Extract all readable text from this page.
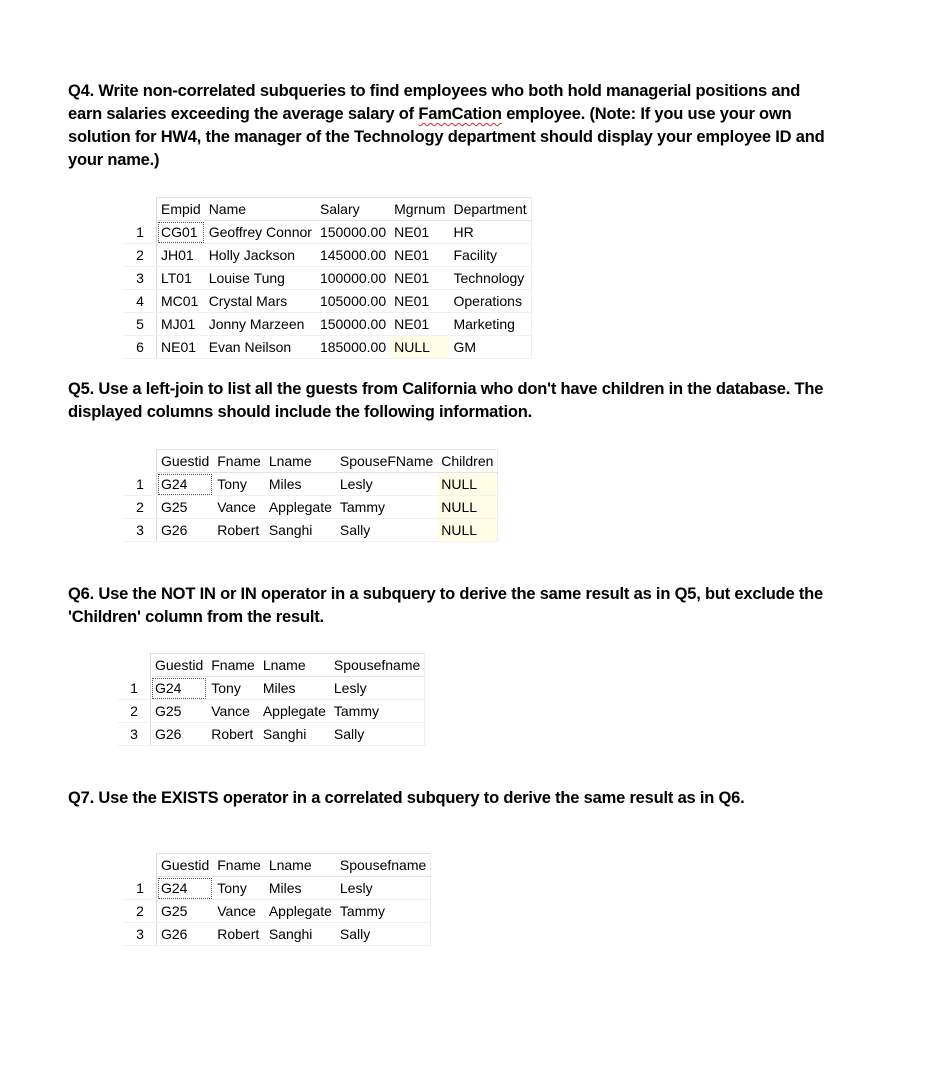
Q4. Write non-correlated subqueries to find employees who both hold managerial positions and
earn salaries exceeding the average salary of FamCation employee. (Note: If you use your own
solution for HW4, the manager of the Technology department should display your employee ID and
your name.)
	Empid	Name	Salary	Mgrnum	Department
1	CG01	Geoffrey Connor	150000.00	NE01	HR
2	JH01	Holly Jackson	145000.00	NE01	Facility
3	LT01	Louise Tung	100000.00	NE01	Technology
4	MC01	Crystal Mars	105000.00	NE01	Operations
5	MJ01	Jonny Marzeen	150000.00	NE01	Marketing
6	NE01	Evan Neilson	185000.00	NULL	GM
Q5. Use a left-join to list all the guests from California who don't have children in the database. The
displayed columns should include the following information.
	Guestid	Fname	Lname	SpouseFName	Children
1	G24	Tony	Miles	Lesly	NULL
2	G25	Vance	Applegate	Tammy	NULL
3	G26	Robert	Sanghi	Sally	NULL
Q6. Use the NOT IN or IN operator in a subquery to derive the same result as in Q5, but exclude the
'Children' column from the result.
	Guestid	Fname	Lname	Spousefname
1	G24	Tony	Miles	Lesly
2	G25	Vance	Applegate	Tammy
3	G26	Robert	Sanghi	Sally
Q7. Use the EXISTS operator in a correlated subquery to derive the same result as in Q6.
	Guestid	Fname	Lname	Spousefname
1	G24	Tony	Miles	Lesly
2	G25	Vance	Applegate	Tammy
3	G26	Robert	Sanghi	Sally
